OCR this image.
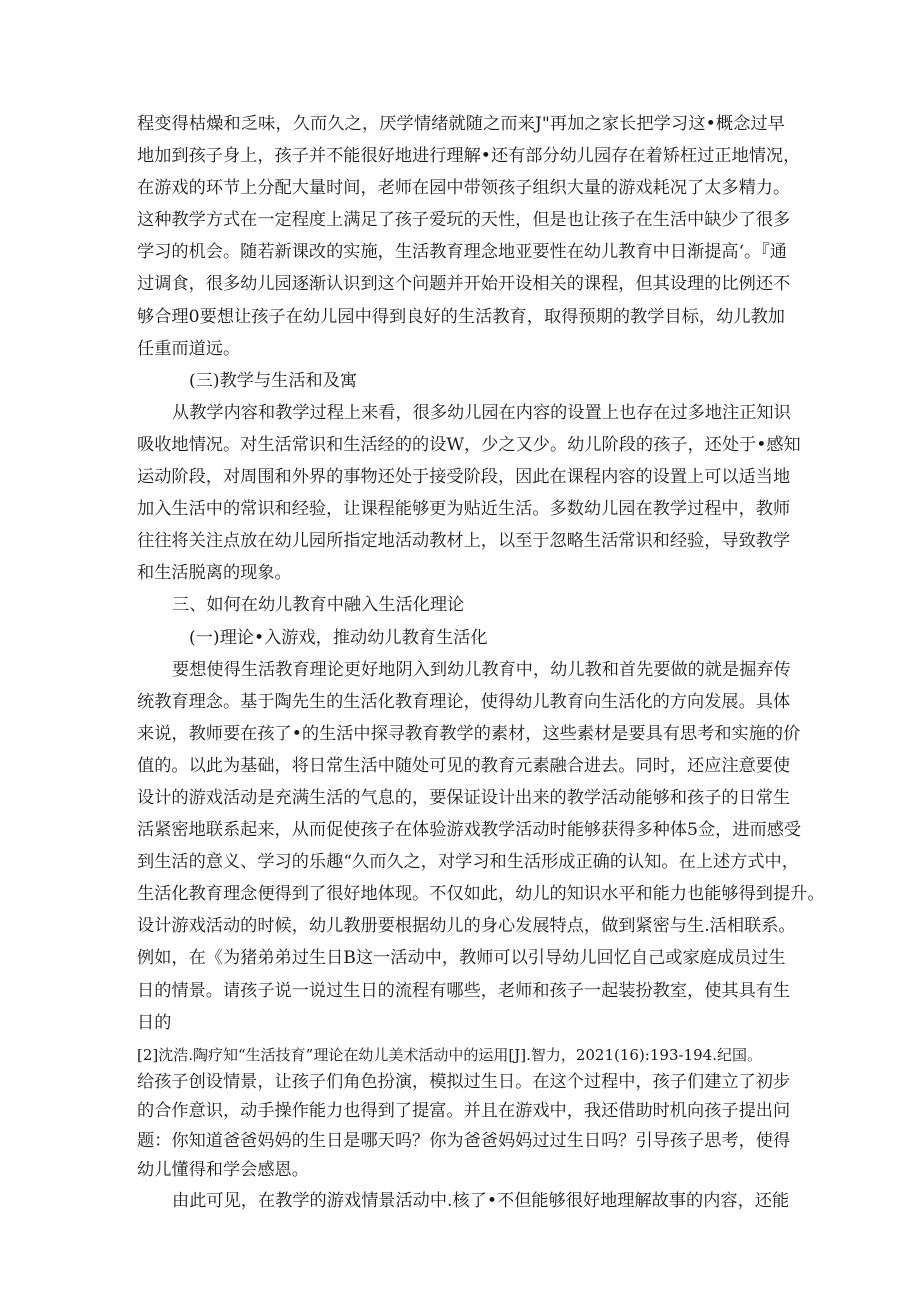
程变得枯燥和乏味，久而久之，厌学情绪就随之而来J"再加之家长把学习这•概念过早
地加到孩子身上，孩子并不能很好地进行理解•还有部分幼儿园存在着矫枉过正地情况，
在游戏的环节上分配大量时间，老师在园中带领孩子组织大量的游戏耗况了太多精力。
这种教学方式在一定程度上满足了孩子爱玩的天性，但是也让孩子在生活中缺少了很多
学习的机会。随若新课改的实施，生活教育理念地亚要性在幼儿教育中日渐提高‘。『通
过调食，很多幼儿园逐渐认识到这个问题并开始开设相关的课程，但其设理的比例还不
够合理0要想让孩子在幼儿园中得到良好的生活教育，取得预期的教学目标，幼儿教加
任重而道远。
(三)教学与生活和及寓
从教学内容和教学过程上来看，很多幼儿园在内容的设置上也存在过多地注正知识
吸收地情况。对生活常识和生活经的的设W，少之又少。幼儿阶段的孩子，还处于•感知
运动阶段，对周围和外界的事物还处于接受阶段，因此在课程内容的设置上可以适当地
加入生活中的常识和经验，让课程能够更为贴近生活。多数幼儿园在教学过程中，教师
往往将关注点放在幼儿园所指定地活动教材上，以至于忽略生活常识和经验，导致教学
和生活脱离的现象。
三、如何在幼儿教育中融入生活化理论
(一)理论•入游戏，推动幼儿教育生活化
要想使得生活教育理论更好地阴入到幼儿教育中，幼儿教和首先要做的就是掘弃传
统教育理念。基于陶先生的生活化教育理论，使得幼儿教育向生活化的方向发展。具体
来说，教师要在孩了•的生活中探寻教育教学的素材，这些素材是要具有思考和实施的价
值的。以此为基础，将日常生活中随处可见的教育元素融合进去。同时，还应注意要使
设计的游戏活动是充满生活的气息的，要保证设计出来的教学活动能够和孩子的日常生
活紧密地联系起来，从而促使孩子在体验游戏教学活动时能够获得多种体5佥，进而感受
到生活的意义、学习的乐趣“久而久之，对学习和生活形成正确的认知。在上述方式中，
生活化教育理念便得到了很好地体现。不仅如此，幼儿的知识水平和能力也能够得到提升。
设计游戏活动的时候，幼儿教册要根据幼儿的身心发展特点，做到紧密与生.活相联系。
例如，在《为猪弟弟过生日B这一活动中，教师可以引导幼儿回忆自己或家庭成员过生
日的情景。请孩子说一说过生日的流程有哪些，老师和孩子一起装扮教室，使其具有生
日的
[2]沈浩.陶疗知“生活技育”理论在幼儿美术活动中的运用[J].智力，2021(16):193-194.纪国。
给孩子创设情景，让孩子们角色扮演，模拟过生日。在这个过程中，孩子们建立了初步
的合作意识，动手操作能力也得到了提富。并且在游戏中，我还借助时机向孩子提出问
题：你知道爸爸妈妈的生日是哪天吗？你为爸爸妈妈过过生日吗？引导孩子思考，使得
幼儿懂得和学会感恩。
由此可见，在教学的游戏情景活动中.核了•不但能够很好地理解故事的内容，还能
